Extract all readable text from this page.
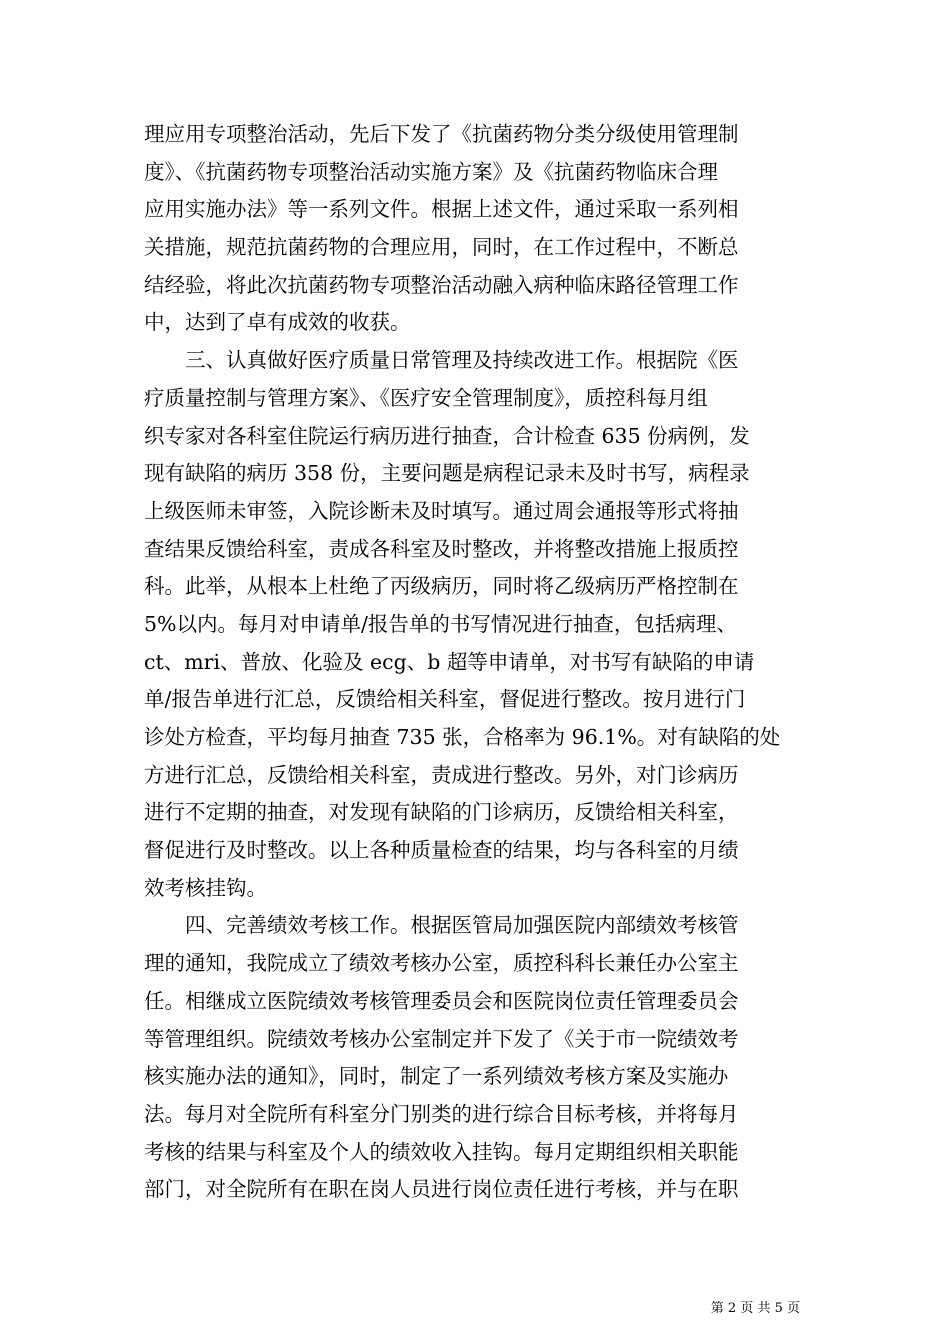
理应用专项整治活动，先后下发了《抗菌药物分类分级使用管理制
度》、《抗菌药物专项整治活动实施方案》及《抗菌药物临床合理
应用实施办法》等一系列文件。根据上述文件，通过采取一系列相
关措施，规范抗菌药物的合理应用，同时，在工作过程中，不断总
结经验，将此次抗菌药物专项整治活动融入病种临床路径管理工作
中，达到了卓有成效的收获。
三、认真做好医疗质量日常管理及持续改进工作。根据院《医
疗质量控制与管理方案》、《医疗安全管理制度》，质控科每月组
织专家对各科室住院运行病历进行抽查，合计检查 635 份病例，发
现有缺陷的病历 358 份，主要问题是病程记录未及时书写，病程录
上级医师未审签，入院诊断未及时填写。通过周会通报等形式将抽
查结果反馈给科室，责成各科室及时整改，并将整改措施上报质控
科。此举，从根本上杜绝了丙级病历，同时将乙级病历严格控制在
5%以内。每月对申请单/报告单的书写情况进行抽查，包括病理、
ct、mri、普放、化验及 ecg、b 超等申请单，对书写有缺陷的申请
单/报告单进行汇总，反馈给相关科室，督促进行整改。按月进行门
诊处方检查，平均每月抽查 735 张，合格率为 96.1%。对有缺陷的处
方进行汇总，反馈给相关科室，责成进行整改。另外，对门诊病历
进行不定期的抽查，对发现有缺陷的门诊病历，反馈给相关科室，
督促进行及时整改。以上各种质量检查的结果，均与各科室的月绩
效考核挂钩。
四、完善绩效考核工作。根据医管局加强医院内部绩效考核管
理的通知，我院成立了绩效考核办公室，质控科科长兼任办公室主
任。相继成立医院绩效考核管理委员会和医院岗位责任管理委员会
等管理组织。院绩效考核办公室制定并下发了《关于市一院绩效考
核实施办法的通知》，同时，制定了一系列绩效考核方案及实施办
法。每月对全院所有科室分门别类的进行综合目标考核，并将每月
考核的结果与科室及个人的绩效收入挂钩。每月定期组织相关职能
部门，对全院所有在职在岗人员进行岗位责任进行考核，并与在职
第 2 页 共 5 页
